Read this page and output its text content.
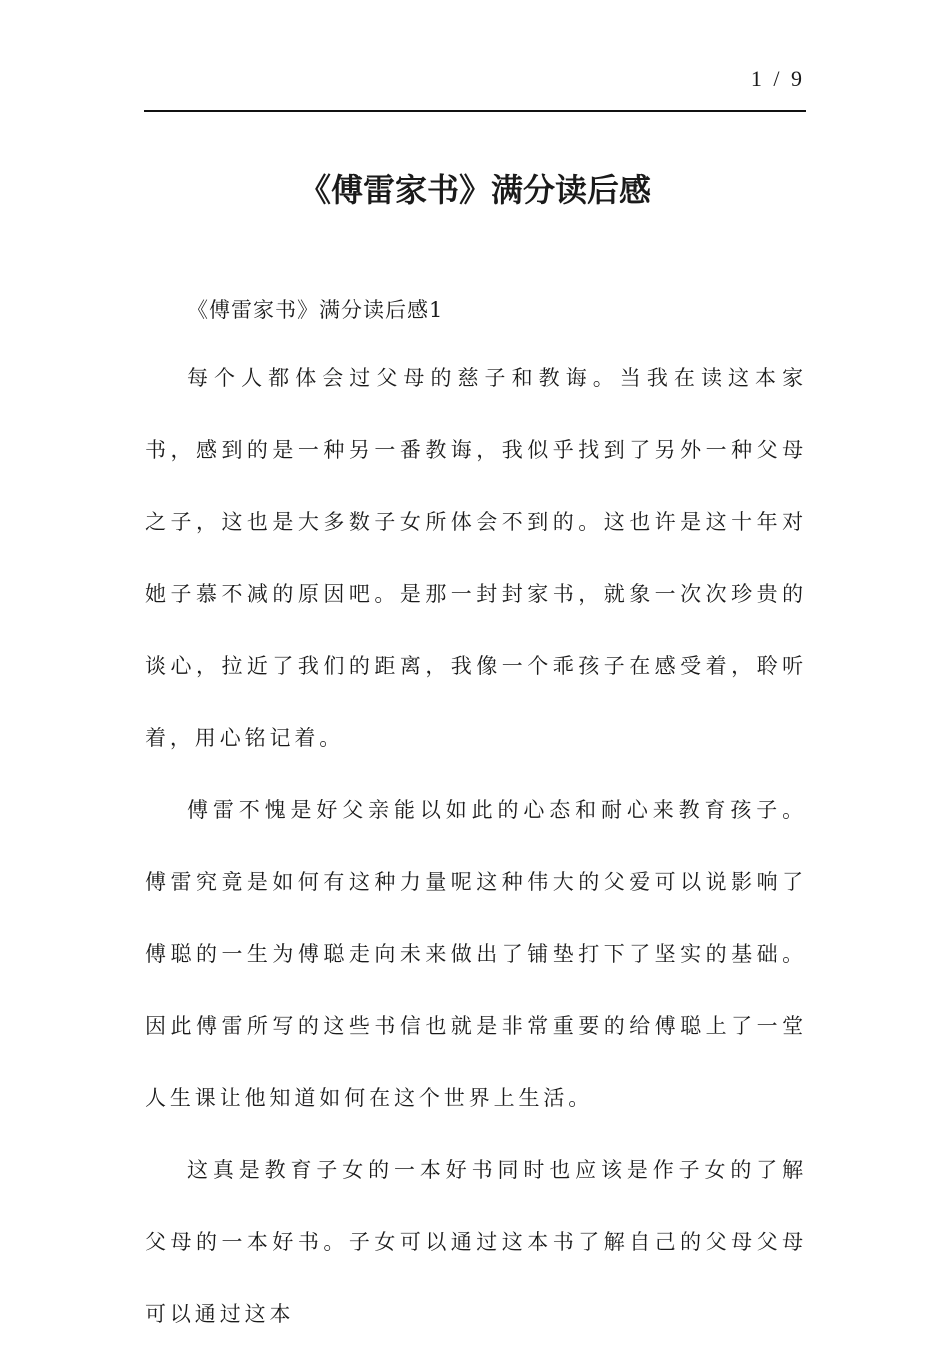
1 / 9
《傅雷家书》满分读后感

《傅雷家书》满分读后感1

每个人都体会过父母的慈子和教诲。当我在读这本家书，感到的是一种另一番教诲，我似乎找到了另外一种父母之子，这也是大多数子女所体会不到的。这也许是这十年对她子慕不减的原因吧。是那一封封家书，就象一次次珍贵的谈心，拉近了我们的距离，我像一个乖孩子在感受着，聆听着，用心铭记着。

傅雷不愧是好父亲能以如此的心态和耐心来教育孩子。傅雷究竟是如何有这种力量呢这种伟大的父爱可以说影响了傅聪的一生为傅聪走向未来做出了铺垫打下了坚实的基础。因此傅雷所写的这些书信也就是非常重要的给傅聪上了一堂人生课让他知道如何在这个世界上生活。

这真是教育子女的一本好书同时也应该是作子女的了解父母的一本好书。子女可以通过这本书了解自己的父母父母可以通过这本
